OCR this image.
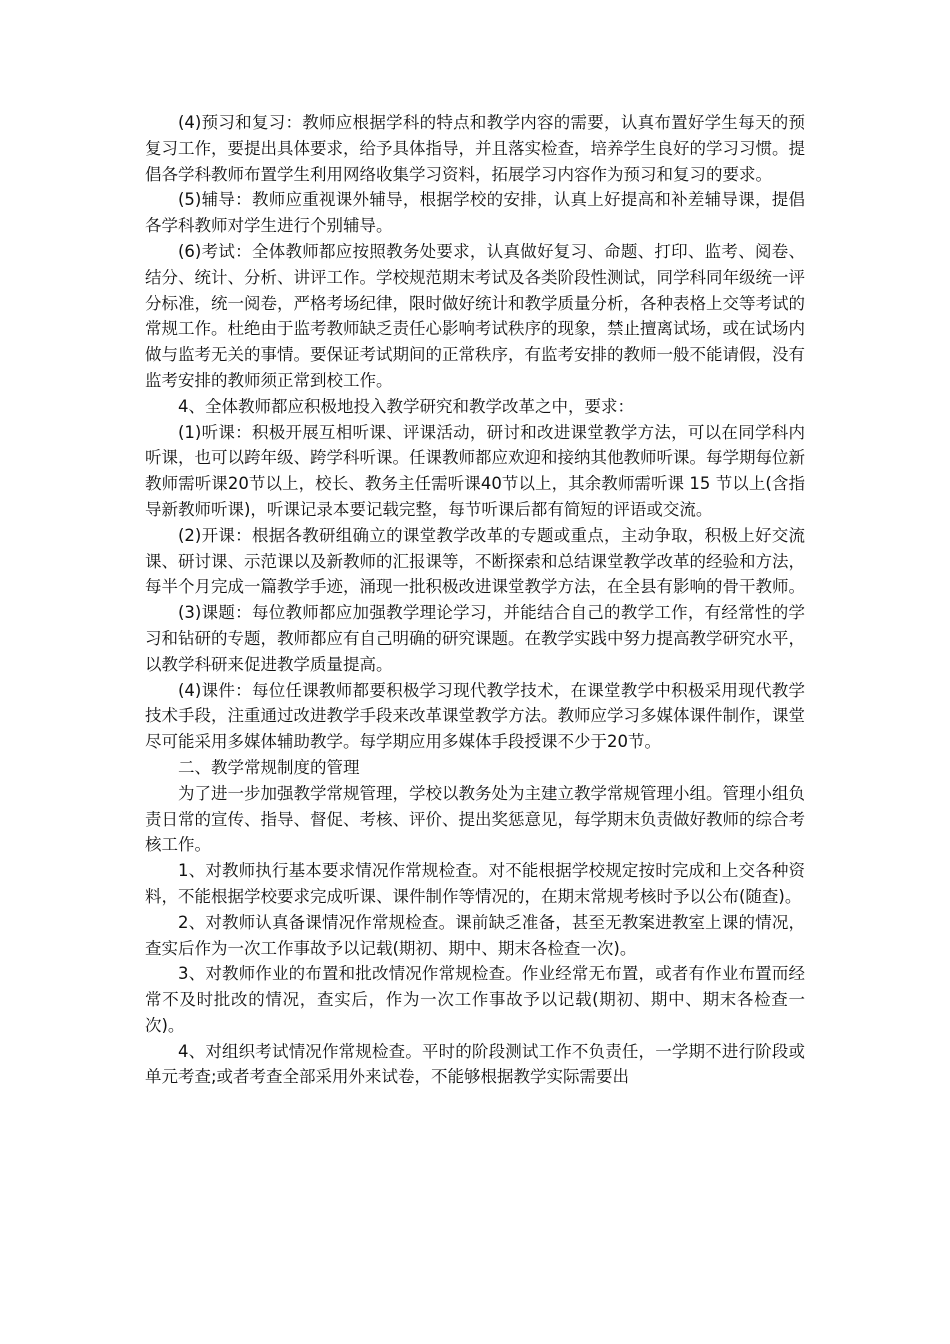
(4)预习和复习：教师应根据学科的特点和教学内容的需要，认真布置好学生每天的预复习工作，要提出具体要求，给予具体指导，并且落实检查，培养学生良好的学习习惯。提倡各学科教师布置学生利用网络收集学习资料，拓展学习内容作为预习和复习的要求。

(5)辅导：教师应重视课外辅导，根据学校的安排，认真上好提高和补差辅导课，提倡各学科教师对学生进行个别辅导。

(6)考试：全体教师都应按照教务处要求，认真做好复习、命题、打印、监考、阅卷、结分、统计、分析、讲评工作。学校规范期末考试及各类阶段性测试，同学科同年级统一评分标准，统一阅卷，严格考场纪律，限时做好统计和教学质量分析，各种表格上交等考试的常规工作。杜绝由于监考教师缺乏责任心影响考试秩序的现象，禁止擅离试场，或在试场内做与监考无关的事情。要保证考试期间的正常秩序，有监考安排的教师一般不能请假，没有监考安排的教师须正常到校工作。

4、全体教师都应积极地投入教学研究和教学改革之中，要求：

(1)听课：积极开展互相听课、评课活动，研讨和改进课堂教学方法，可以在同学科内听课，也可以跨年级、跨学科听课。任课教师都应欢迎和接纳其他教师听课。每学期每位新教师需听课20节以上，校长、教务主任需听课40节以上，其余教师需听课 15 节以上(含指导新教师听课)，听课记录本要记载完整，每节听课后都有简短的评语或交流。

(2)开课：根据各教研组确立的课堂教学改革的专题或重点，主动争取，积极上好交流课、研讨课、示范课以及新教师的汇报课等，不断探索和总结课堂教学改革的经验和方法，每半个月完成一篇教学手迹，涌现一批积极改进课堂教学方法，在全县有影响的骨干教师。

(3)课题：每位教师都应加强教学理论学习，并能结合自己的教学工作，有经常性的学习和钻研的专题，教师都应有自己明确的研究课题。在教学实践中努力提高教学研究水平，以教学科研来促进教学质量提高。

(4)课件：每位任课教师都要积极学习现代教学技术，在课堂教学中积极采用现代教学技术手段，注重通过改进教学手段来改革课堂教学方法。教师应学习多媒体课件制作，课堂尽可能采用多媒体辅助教学。每学期应用多媒体手段授课不少于20节。

二、教学常规制度的管理

为了进一步加强教学常规管理，学校以教务处为主建立教学常规管理小组。管理小组负责日常的宣传、指导、督促、考核、评价、提出奖惩意见，每学期末负责做好教师的综合考核工作。

1、对教师执行基本要求情况作常规检查。对不能根据学校规定按时完成和上交各种资料，不能根据学校要求完成听课、课件制作等情况的，在期末常规考核时予以公布(随查)。

2、对教师认真备课情况作常规检查。课前缺乏准备，甚至无教案进教室上课的情况，查实后作为一次工作事故予以记载(期初、期中、期末各检查一次)。

3、对教师作业的布置和批改情况作常规检查。作业经常无布置，或者有作业布置而经常不及时批改的情况，查实后，作为一次工作事故予以记载(期初、期中、期末各检查一次)。

4、对组织考试情况作常规检查。平时的阶段测试工作不负责任，一学期不进行阶段或单元考查;或者考查全部采用外来试卷，不能够根据教学实际需要出
